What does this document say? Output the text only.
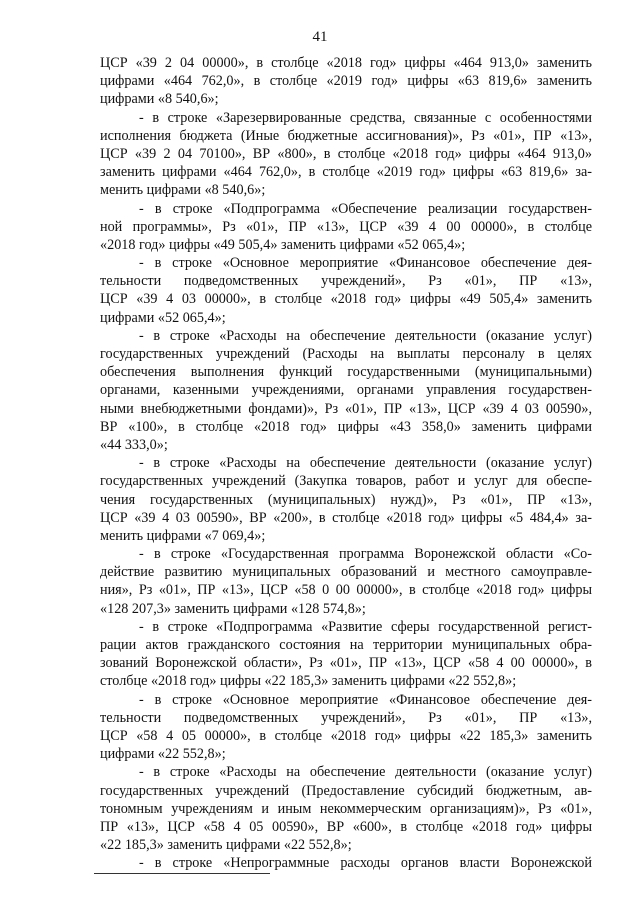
41
ЦСР «39 2 04 00000», в столбце «2018 год» цифры «464 913,0» заменить
цифрами «464 762,0», в столбце «2019 год» цифры «63 819,6» заменить
цифрами «8 540,6»;
- в строке «Зарезервированные средства, связанные с особенностями
исполнения бюджета (Иные бюджетные ассигнования)», Рз «01», ПР «13»,
ЦСР «39 2 04 70100», ВР «800», в столбце «2018 год» цифры «464 913,0»
заменить цифрами «464 762,0», в столбце «2019 год» цифры «63 819,6» за-
менить цифрами «8 540,6»;
- в строке «Подпрограмма «Обеспечение реализации государствен-
ной программы», Рз «01», ПР «13», ЦСР «39 4 00 00000», в столбце
«2018 год» цифры «49 505,4» заменить цифрами «52 065,4»;
- в строке «Основное мероприятие «Финансовое обеспечение дея-
тельности подведомственных учреждений», Рз «01», ПР «13»,
ЦСР «39 4 03 00000», в столбце «2018 год» цифры «49 505,4» заменить
цифрами «52 065,4»;
- в строке «Расходы на обеспечение деятельности (оказание услуг)
государственных учреждений (Расходы на выплаты персоналу в целях
обеспечения выполнения функций государственными (муниципальными)
органами, казенными учреждениями, органами управления государствен-
ными внебюджетными фондами)», Рз «01», ПР «13», ЦСР «39 4 03 00590»,
ВР «100», в столбце «2018 год» цифры «43 358,0» заменить цифрами
«44 333,0»;
- в строке «Расходы на обеспечение деятельности (оказание услуг)
государственных учреждений (Закупка товаров, работ и услуг для обеспе-
чения государственных (муниципальных) нужд)», Рз «01», ПР «13»,
ЦСР «39 4 03 00590», ВР «200», в столбце «2018 год» цифры «5 484,4» за-
менить цифрами «7 069,4»;
- в строке «Государственная программа Воронежской области «Со-
действие развитию муниципальных образований и местного самоуправле-
ния», Рз «01», ПР «13», ЦСР «58 0 00 00000», в столбце «2018 год» цифры
«128 207,3» заменить цифрами «128 574,8»;
- в строке «Подпрограмма «Развитие сферы государственной регист-
рации актов гражданского состояния на территории муниципальных обра-
зований Воронежской области», Рз «01», ПР «13», ЦСР «58 4 00 00000», в
столбце «2018 год» цифры «22 185,3» заменить цифрами «22 552,8»;
- в строке «Основное мероприятие «Финансовое обеспечение дея-
тельности подведомственных учреждений», Рз «01», ПР «13»,
ЦСР «58 4 05 00000», в столбце «2018 год» цифры «22 185,3» заменить
цифрами «22 552,8»;
- в строке «Расходы на обеспечение деятельности (оказание услуг)
государственных учреждений (Предоставление субсидий бюджетным, ав-
тономным учреждениям и иным некоммерческим организациям)», Рз «01»,
ПР «13», ЦСР «58 4 05 00590», ВР «600», в столбце «2018 год» цифры
«22 185,3» заменить цифрами «22 552,8»;
- в строке «Непрограммные расходы органов власти Воронежской
